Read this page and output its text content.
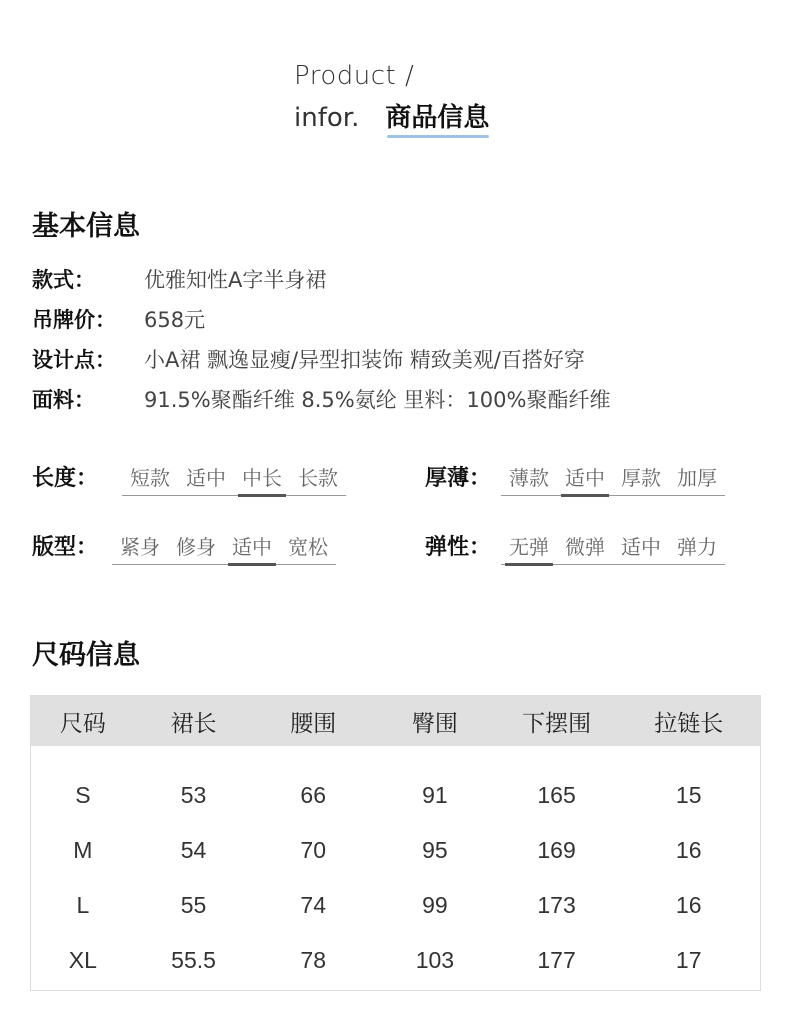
Product /
infor. 商品信息
基本信息
款式：	优雅知性A字半身裙
吊牌价：	658元
设计点：	小A裙 飘逸显瘦/异型扣装饰 精致美观/百搭好穿
面料：	91.5%聚酯纤维 8.5%氨纶 里料：100%聚酯纤维
长度：	短款 适中 中长 长款	厚薄： 薄款 适中 厚款 加厚
版型：	紧身 修身 适中 宽松	弹性： 无弹 微弹 适中 弹力
尺码信息
尺码	裙长	腰围	臀围	下摆围	拉链长
S	53	66	91	165	15
M	54	70	95	169	16
L	55	74	99	173	16
XL	55.5	78	103	177	17
